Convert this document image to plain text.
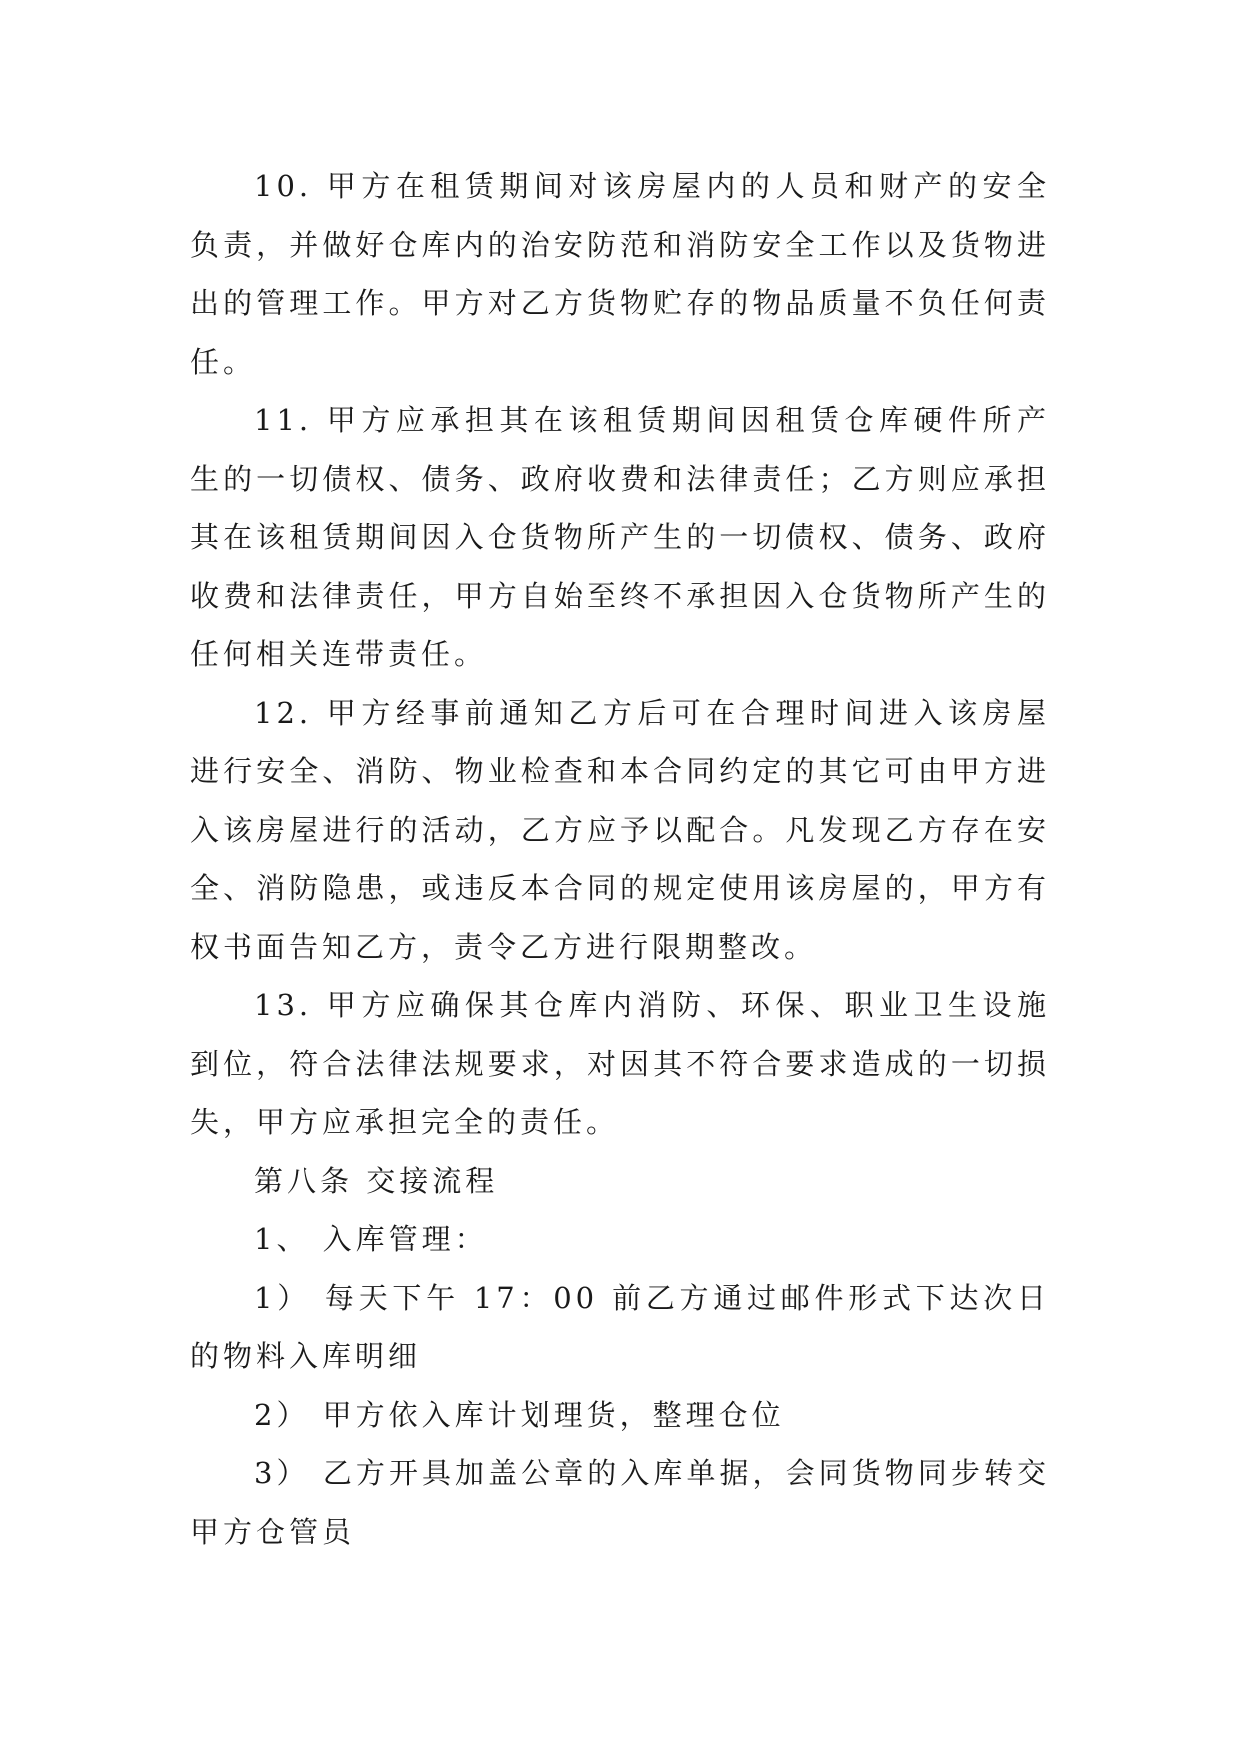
10. 甲方在租赁期间对该房屋内的人员和财产的安全负责，并做好仓库内的治安防范和消防安全工作以及货物进出的管理工作。甲方对乙方货物贮存的物品质量不负任何责任。

11. 甲方应承担其在该租赁期间因租赁仓库硬件所产生的一切债权、债务、政府收费和法律责任；乙方则应承担其在该租赁期间因入仓货物所产生的一切债权、债务、政府收费和法律责任，甲方自始至终不承担因入仓货物所产生的任何相关连带责任。

12. 甲方经事前通知乙方后可在合理时间进入该房屋进行安全、消防、物业检查和本合同约定的其它可由甲方进入该房屋进行的活动，乙方应予以配合。凡发现乙方存在安全、消防隐患，或违反本合同的规定使用该房屋的，甲方有权书面告知乙方，责令乙方进行限期整改。

13. 甲方应确保其仓库内消防、环保、职业卫生设施到位，符合法律法规要求，对因其不符合要求造成的一切损失，甲方应承担完全的责任。

第八条 交接流程

1、 入库管理：

1） 每天下午 17：00 前乙方通过邮件形式下达次日的物料入库明细

2） 甲方依入库计划理货，整理仓位

3） 乙方开具加盖公章的入库单据，会同货物同步转交甲方仓管员
